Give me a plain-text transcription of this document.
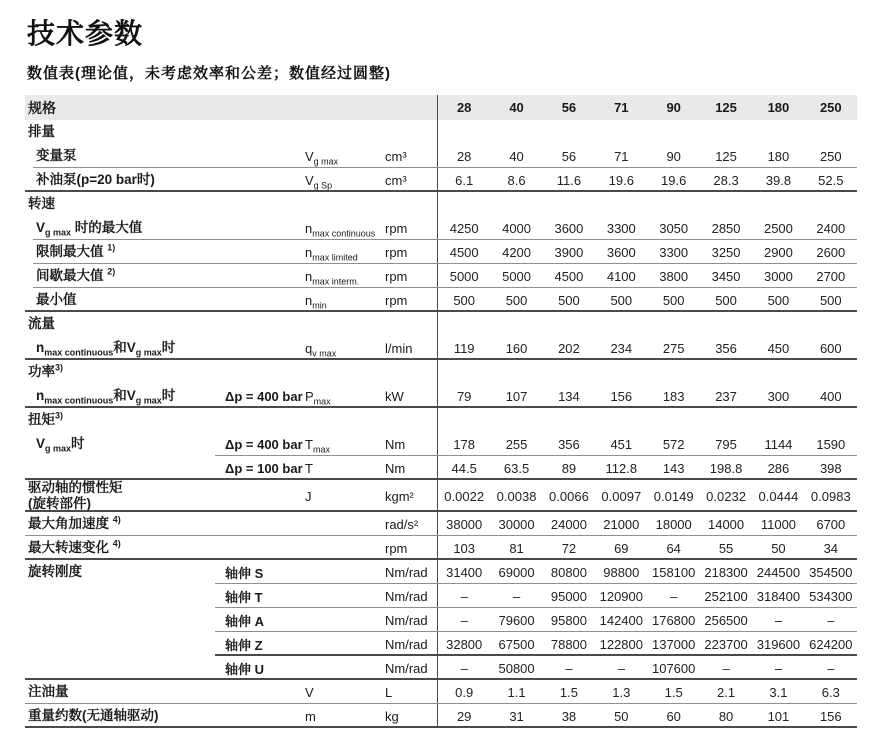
技术参数
数值表(理论值，未考虑效率和公差；数值经过圆整)
规格	28	40	56	71	90	125	180	250
排量
变量泵	$V_{g max}$	cm³	28	40	56	71	90	125	180	250
补油泵(p=20 bar时)	$V_{g Sp}$	cm³	6.1	8.6	11.6	19.6	19.6	28.3	39.8	52.5
转速
$V_{g max}$ 时的最大值	$n_{max continuous}$ rpm	4250	4000	3600	3300	3050	2850	2500	2400
限制最大值 $^{1)}$	$n_{max limited}$	rpm	4500	4200	3900	3600	3300	3250	2900	2600
间歇最大值 $^{2)}$	$n_{max interm.}$	rpm	5000	5000	4500	4100	3800	3450	3000	2700
最小值	$n_{min}$	rpm	500	500	500	500	500	500	500	500
流量
$n_{max continuous}$和$V_{g max}$时	$q_{v max}$	l/min	119	160	202	234	275	356	450	600
功率$^{3)}$
$n_{max continuous}$和$V_{g max}$时	Δp = 400 bar $P_{max}$	kW	79	107	134	156	183	237	300	400
扭矩$^{3)}$
$V_{g max}$时	Δp = 400 bar $T_{max}$	Nm	178	255	356	451	572	795	1144	1590
Δp = 100 bar T	Nm	44.5	63.5	89	112.8	143	198.8	286	398
驱动轴的惯性矩
(旋转部件)	J	kgm²	0.0022 0.0038 0.0066 0.0097 0.0149 0.0232 0.0444 0.0983
最大角加速度 $^{4)}$	rad/s²	38000	30000	24000	21000	18000	14000	11000	6700
最大转速变化 $^{4)}$	rpm	103	81	72	69	64	55	50	34
旋转刚度	轴伸 S	Nm/rad	31400	69000	80800	98800 158100 218300 244500 354500
轴伸 T	Nm/rad	–	–	95000 120900	–	252100 318400 534300
轴伸 A	Nm/rad	–	79600	95800 142400 176800 256500	–	–
轴伸 Z	Nm/rad	32800	67500	78800 122800 137000 223700 319600 624200
轴伸 U	Nm/rad	–	50800	–	–	107600	–	–	–
注油量	V	L	0.9	1.1	1.5	1.3	1.5	2.1	3.1	6.3
重量约数(无通轴驱动)	m	kg	29	31	38	50	60	80	101	156
